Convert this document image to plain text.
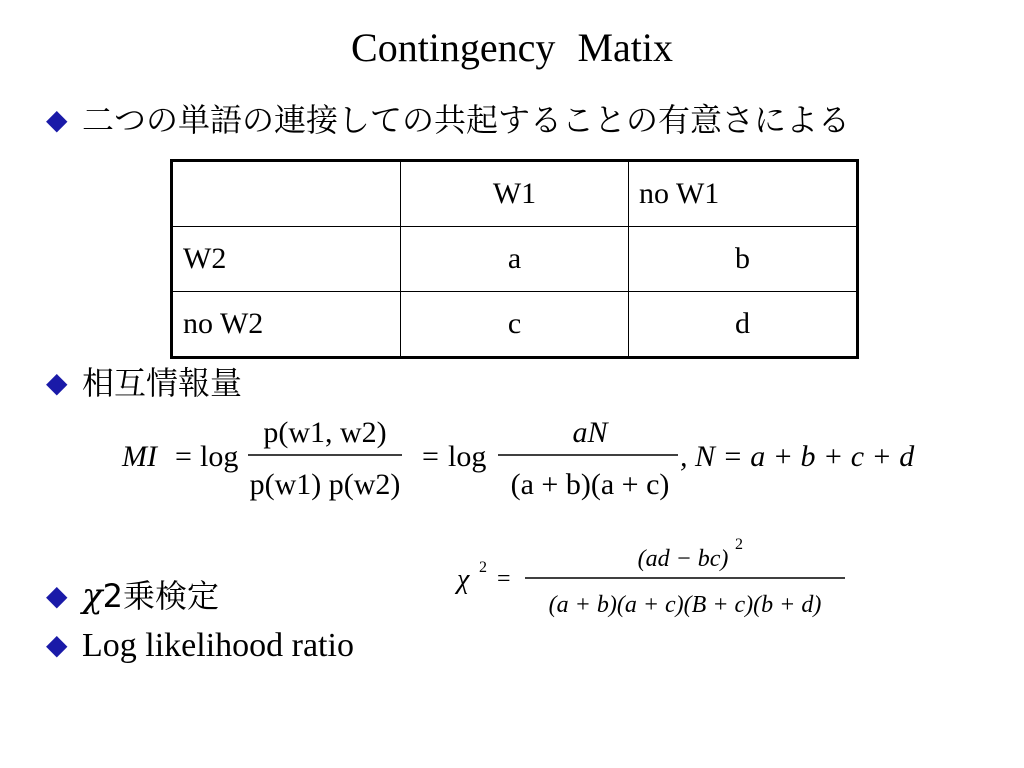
Contingency Matix
◆ 二つの単語の連接しての共起することの有意さによる
	W1	no W1
W2	a	b
no W2	c	d
◆ 相互情報量
MI = log
p(w1, w2)
p(w1) p(w2)
= log
aN
(a + b)(a + c)
, N = a + b + c + d
◆ χ2乗検定	χ 2 =
(ad − bc)
2
(a + b)(a + c)(B + c)(b + d)
◆ Log likelihood ratio
